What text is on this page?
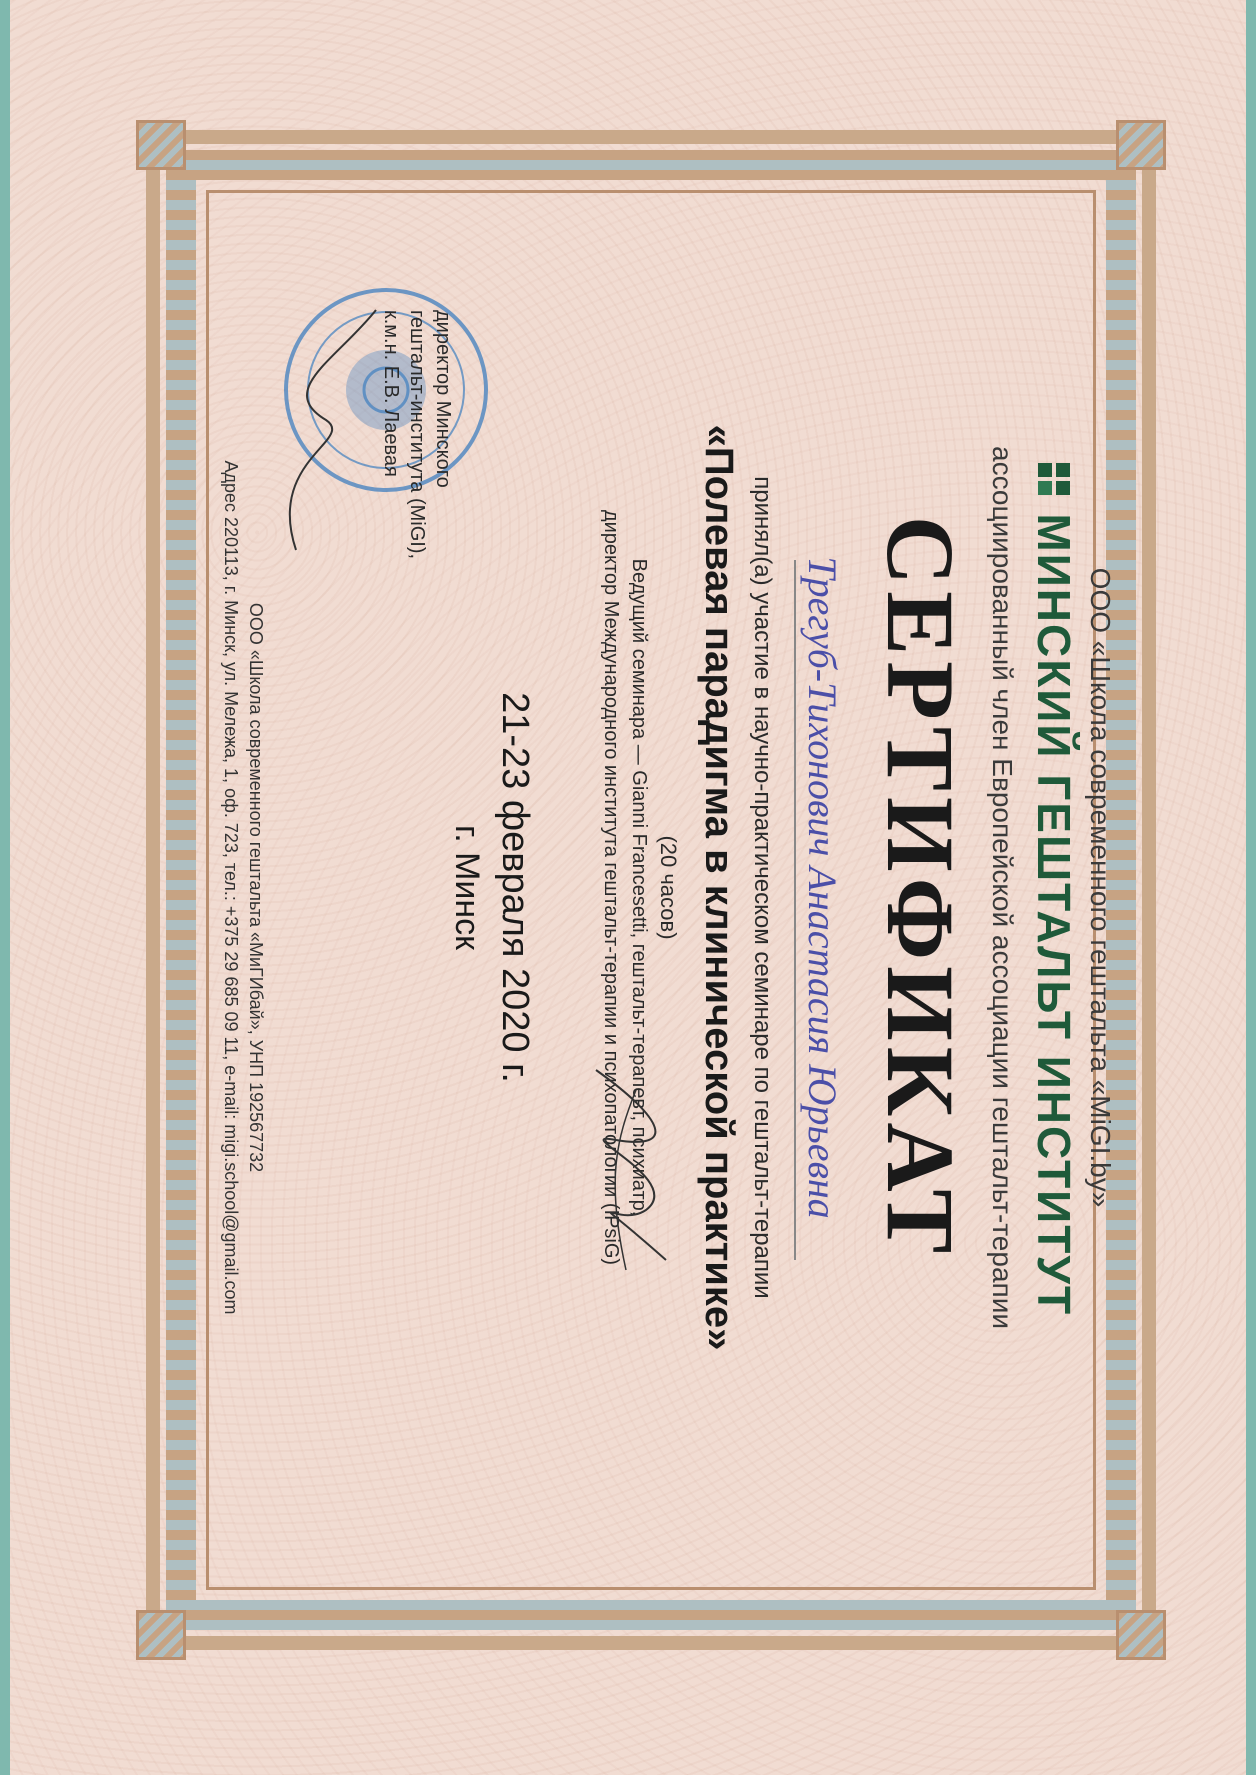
ООО «Школа современного гештальта «MiGI.by»
МИНСКИЙ ГЕШТАЛЬТ ИНСТИТУТ
ассоциированный член Европейской ассоциации гештальт-терапии
СЕРТИФИКАТ
Трегуб-Тихонович Анастасия Юрьевна
принял(а) участие в научно-практическом семинаре по гештальт-терапии
«Полевая парадигма в клинической практике»
(20 часов)
Ведущий семинара — Gianni Francesetti, гештальт-терапевт, психиатр,
директор Международного института гештальт-терапии и психопатологии (IPsiG)
21-23 февраля 2020 г.
г. Минск
директор Минского
гештальт-института (MiGI),
к.м.н. Е.В. Лаевая
ООО «Школа современного гештальта «МиГИбай», УНП 192567732
Адрес 220113, г. Минск, ул. Мележа, 1, оф. 723, тел.: +375 29 685 09 11, e-mail: migi.school@gmail.com
